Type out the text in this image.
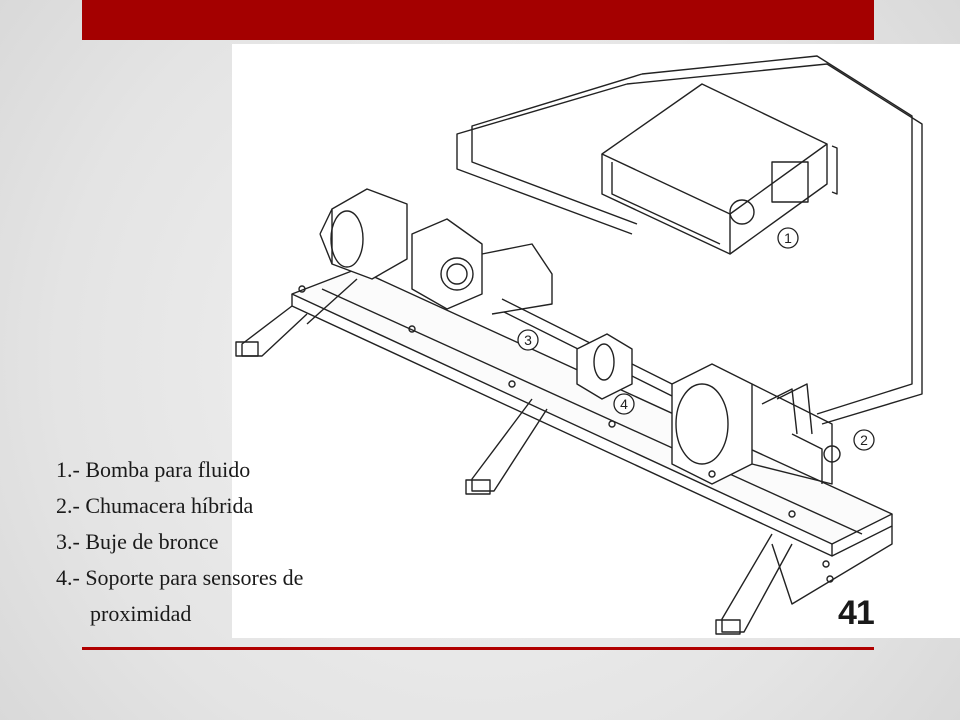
1
2
3
4
1.- Bomba para fluido
2.- Chumacera híbrida
3.- Buje de bronce
4.- Soporte para sensores de
proximidad	41
